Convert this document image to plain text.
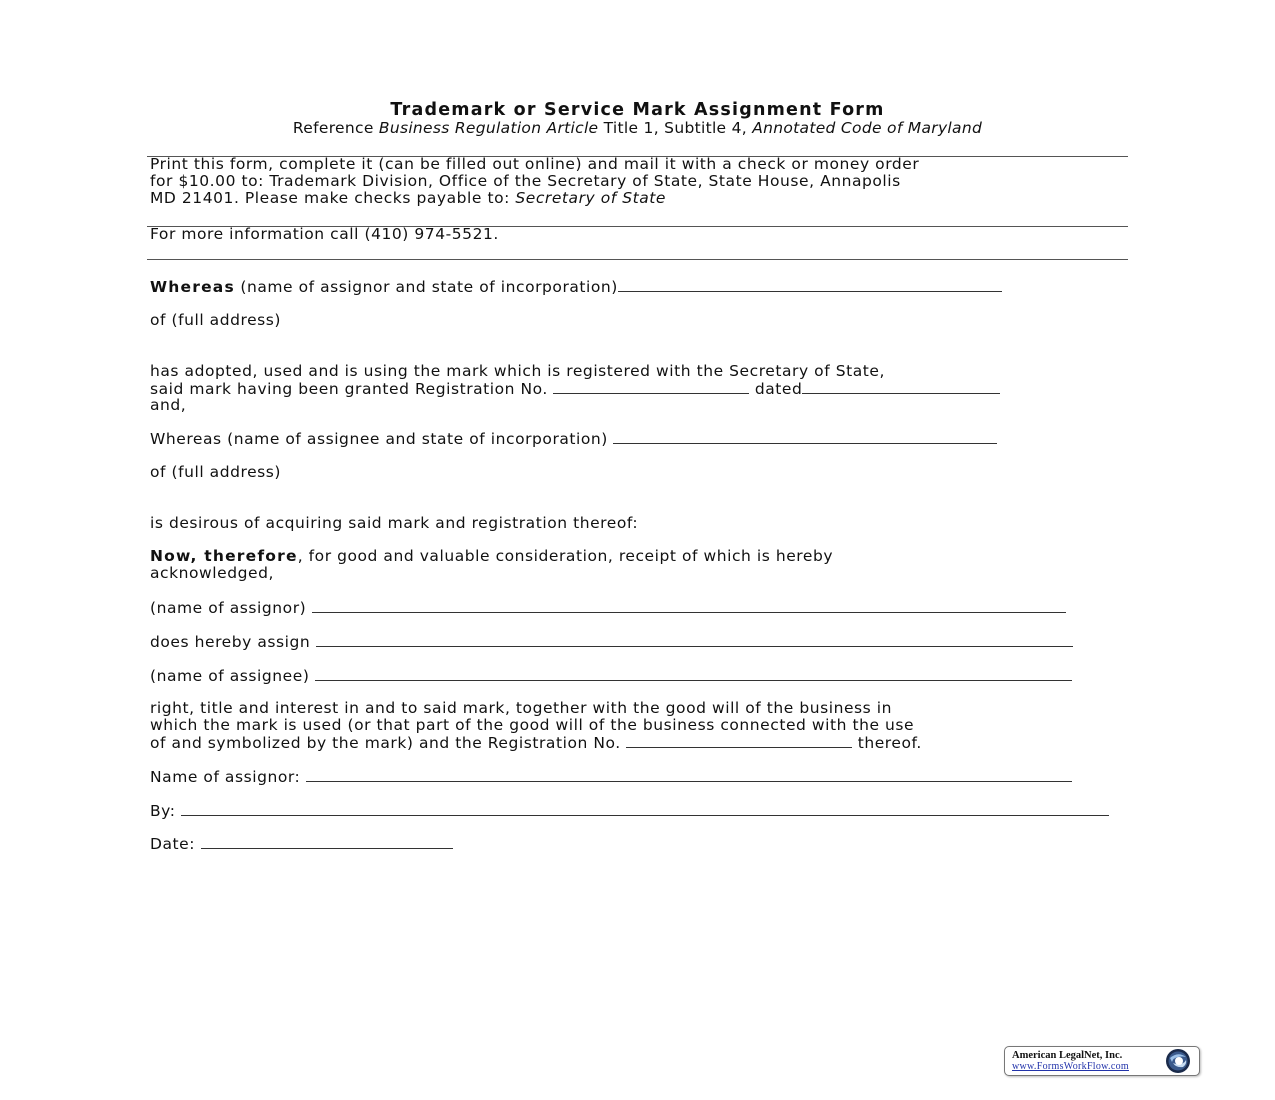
Trademark or Service Mark Assignment Form
Reference Business Regulation Article Title 1, Subtitle 4, Annotated Code of Maryland
Print this form, complete it (can be filled out online) and mail it with a check or money order
for $10.00 to: Trademark Division, Office of the Secretary of State, State House, Annapolis
MD 21401. Please make checks payable to: Secretary of State
For more information call (410) 974-5521.
Whereas (name of assignor and state of incorporation)
of (full address)
has adopted, used and is using the mark which is registered with the Secretary of State,
said mark having been granted Registration No.	dated
and,
Whereas (name of assignee and state of incorporation)
of (full address)
is desirous of acquiring said mark and registration thereof:
Now, therefore, for good and valuable consideration, receipt of which is hereby
acknowledged,
(name of assignor)
does hereby assign
(name of assignee)
right, title and interest in and to said mark, together with the good will of the business in
which the mark is used (or that part of the good will of the business connected with the use
of and symbolized by the mark) and the Registration No.	thereof.
Name of assignor:
By:
Date:
American LegalNet, Inc.
www.FormsWorkFlow.com
